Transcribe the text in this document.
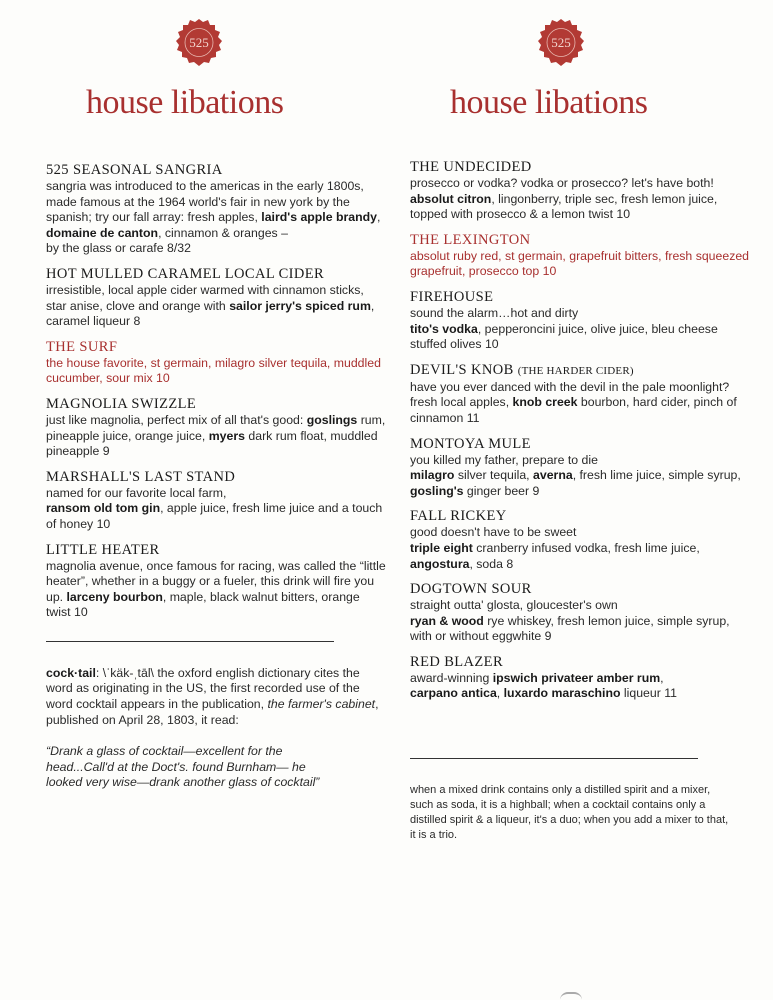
525	525
house libations	house libations
525 SEASONAL SANGRIA
sangria was introduced to the americas in the early 1800s, made famous at the 1964 world's fair in new york by the spanish; try our fall array: fresh apples, laird's apple brandy, domaine de canton, cinnamon & oranges –
by the glass or carafe 8/32
HOT MULLED CARAMEL LOCAL CIDER
irresistible, local apple cider warmed with cinnamon sticks, star anise, clove and orange with sailor jerry's spiced rum, caramel liqueur 8
THE SURF
the house favorite, st germain, milagro silver tequila, muddled cucumber, sour mix 10
MAGNOLIA SWIZZLE
just like magnolia, perfect mix of all that's good: goslings rum, pineapple juice, orange juice, myers dark rum float, muddled pineapple 9
MARSHALL'S LAST STAND
named for our favorite local farm,
ransom old tom gin, apple juice, fresh lime juice and a touch of honey 10
LITTLE HEATER
magnolia avenue, once famous for racing, was called the “little heater”, whether in a buggy or a fueler, this drink will fire you up. larceny bourbon, maple, black walnut bitters, orange twist 10
cock·tail: \ˈkäk-ˌtāl\ the oxford english dictionary cites the word as originating in the US, the first recorded use of the word cocktail appears in the publication, the farmer's cabinet, published on April 28, 1803, it read:
“Drank a glass of cocktail—excellent for the head...Call'd at the Doct's. found Burnham— he looked very wise—drank another glass of cocktail”
THE UNDECIDED
prosecco or vodka? vodka or prosecco? let's have both!
absolut citron, lingonberry, triple sec, fresh lemon juice, topped with prosecco & a lemon twist 10
THE LEXINGTON
absolut ruby red, st germain, grapefruit bitters, fresh squeezed grapefruit, prosecco top 10
FIREHOUSE
sound the alarm…hot and dirty
tito's vodka, pepperoncini juice, olive juice, bleu cheese stuffed olives 10
DEVIL'S KNOB (THE HARDER CIDER)
have you ever danced with the devil in the pale moonlight? fresh local apples, knob creek bourbon, hard cider, pinch of cinnamon 11
MONTOYA MULE
you killed my father, prepare to die
milagro silver tequila, averna, fresh lime juice, simple syrup, gosling's ginger beer 9
FALL RICKEY
good doesn't have to be sweet
triple eight cranberry infused vodka, fresh lime juice, angostura, soda 8
DOGTOWN SOUR
straight outta' glosta, gloucester's own
ryan & wood rye whiskey, fresh lemon juice, simple syrup, with or without eggwhite 9
RED BLAZER
award-winning ipswich privateer amber rum,
carpano antica, luxardo maraschino liqueur 11
when a mixed drink contains only a distilled spirit and a mixer, such as soda, it is a highball; when a cocktail contains only a distilled spirit & a liqueur, it's a duo; when you add a mixer to that, it is a trio.
